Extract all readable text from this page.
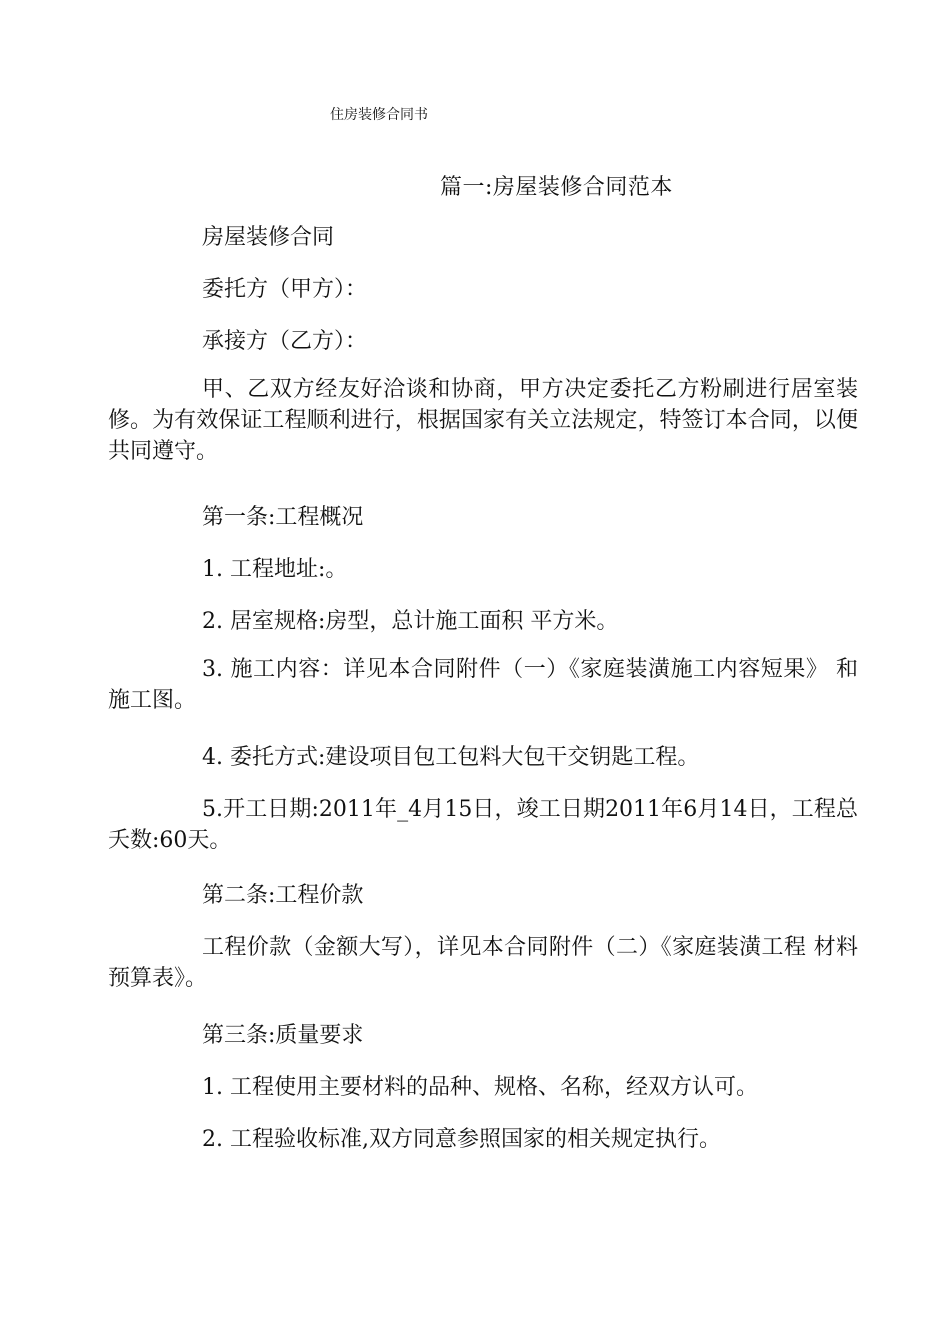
住房装修合同书
篇一:房屋装修合同范本

房屋装修合同

委托方（甲方）：

承接方（乙方）：

甲、乙双方经友好洽谈和协商，甲方决定委托乙方粉刷进行居室装修。为有效保证工程顺利进行，根据国家有关立法规定，特签订本合同，以便共同遵守。

第一条:工程概况

1. 工程地址:。

2. 居室规格:房型，总计施工面积 平方米。

3. 施工内容：详见本合同附件（一）《家庭装潢施工内容短果》 和施工图。

4. 委托方式:建设项目包工包料大包干交钥匙工程。

5.开工日期:2011年_4月15日，竣工日期2011年6月14日，工程总夭数:60天。

第二条:工程价款

工程价款（金额大写），详见本合同附件（二）《家庭装潢工程 材料预算表》。

第三条:质量要求

1. 工程使用主要材料的品种、规格、名称，经双方认可。

2. 工程验收标准,双方同意参照国家的相关规定执行。
